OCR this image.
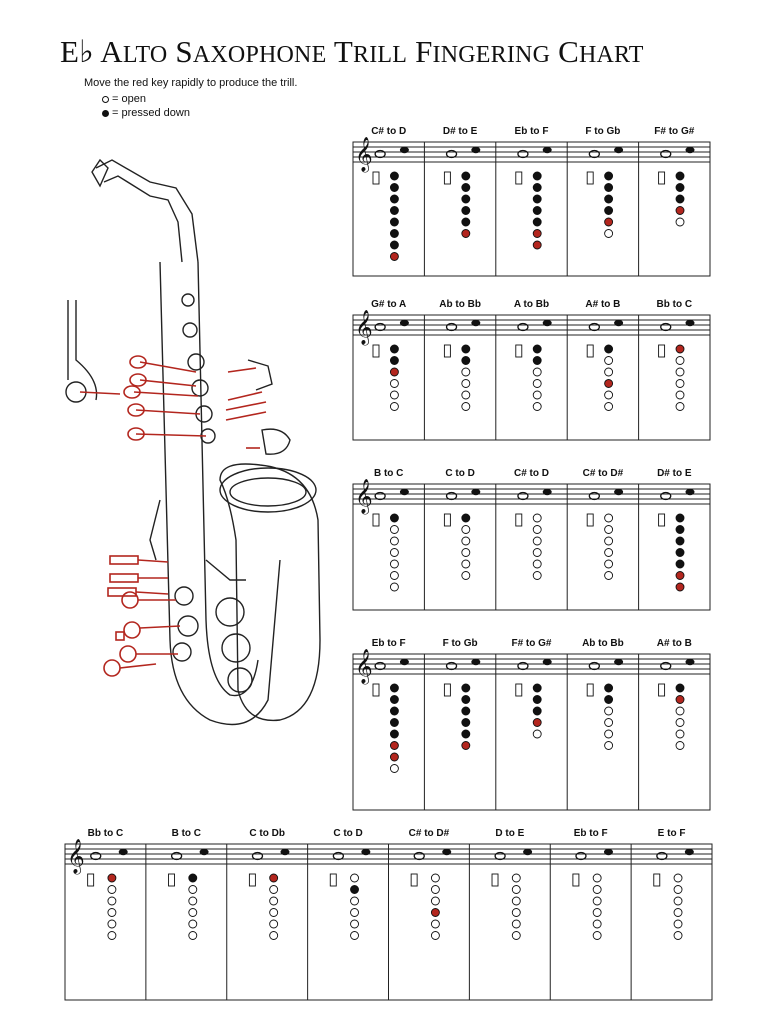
E♭ ALTO SAXOPHONE TRILL FINGERING CHART
Move the red key rapidly to produce the trill.
= open
= pressed down
𝄞
C# to D	D# to E	Eb to F	F to Gb	F# to G#
𝄞
G# to A	Ab to Bb	A to Bb	A# to B	Bb to C
𝄞
B to C	C to D	C# to D	C# to D#	D# to E
𝄞
Eb to F	F to Gb	F# to G#	Ab to Bb	A# to B
𝄞
Bb to C	B to C	C to Db	C to D	C# to D#	D to E	Eb to F	E to F
